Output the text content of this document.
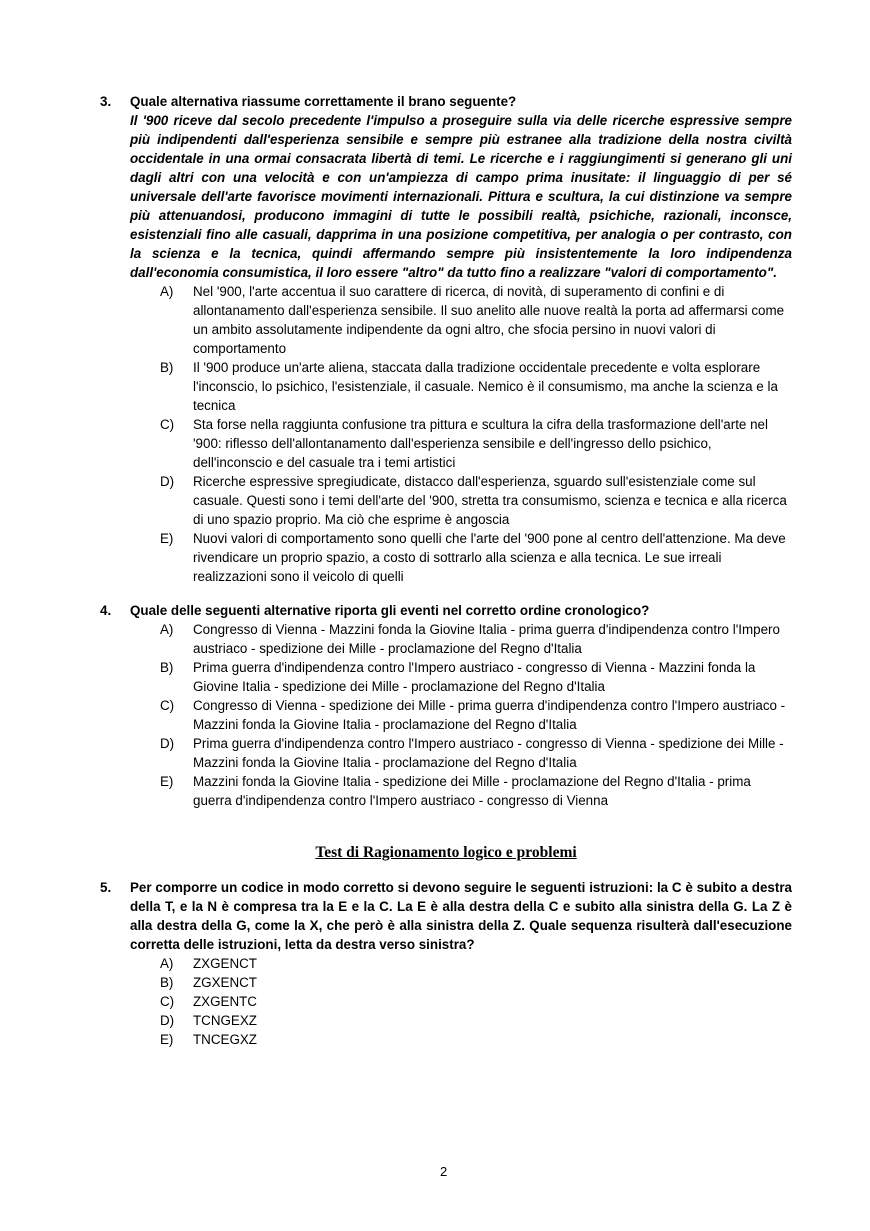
3.	Quale alternativa riassume correttamente il brano seguente?

Il '900 riceve dal secolo precedente l'impulso a proseguire sulla via delle ricerche espressive sempre più indipendenti dall'esperienza sensibile e sempre più estranee alla tradizione della nostra civiltà occidentale in una ormai consacrata libertà di temi. Le ricerche e i raggiungimenti si generano gli uni dagli altri con una velocità e con un'ampiezza di campo prima inusitate: il linguaggio di per sé universale dell'arte favorisce movimenti internazionali. Pittura e scultura, la cui distinzione va sempre più attenuandosi, producono immagini di tutte le possibili realtà, psichiche, razionali, inconsce, esistenziali fino alle casuali, dapprima in una posizione competitiva, per analogia o per contrasto, con la scienza e la tecnica, quindi affermando sempre più insistentemente la loro indipendenza dall'economia consumistica, il loro essere "altro" da tutto fino a realizzare "valori di comportamento".

A)	Nel '900, l'arte accentua il suo carattere di ricerca, di novità, di superamento di confini e di allontanamento dall'esperienza sensibile. Il suo anelito alle nuove realtà la porta ad affermarsi come un ambito assolutamente indipendente da ogni altro, che sfocia persino in nuovi valori di comportamento
B)	Il '900 produce un'arte aliena, staccata dalla tradizione occidentale precedente e volta esplorare l'inconscio, lo psichico, l'esistenziale, il casuale. Nemico è il consumismo, ma anche la scienza e la tecnica
C)	Sta forse nella raggiunta confusione tra pittura e scultura la cifra della trasformazione dell'arte nel '900: riflesso dell'allontanamento dall'esperienza sensibile e dell'ingresso dello psichico, dell'inconscio e del casuale tra i temi artistici
D)	Ricerche espressive spregiudicate, distacco dall'esperienza, sguardo sull'esistenziale come sul casuale. Questi sono i temi dell'arte del '900, stretta tra consumismo, scienza e tecnica e alla ricerca di uno spazio proprio. Ma ciò che esprime è angoscia
E)	Nuovi valori di comportamento sono quelli che l'arte del '900 pone al centro dell'attenzione. Ma deve rivendicare un proprio spazio, a costo di sottrarlo alla scienza e alla tecnica. Le sue irreali realizzazioni sono il veicolo di quelli
4.	Quale delle seguenti alternative riporta gli eventi nel corretto ordine cronologico?
A)	Congresso di Vienna - Mazzini fonda la Giovine Italia - prima guerra d'indipendenza contro l'Impero austriaco - spedizione dei Mille - proclamazione del Regno d'Italia
B)	Prima guerra d'indipendenza contro l'Impero austriaco - congresso di Vienna - Mazzini fonda la Giovine Italia - spedizione dei Mille - proclamazione del Regno d'Italia
C)	Congresso di Vienna - spedizione dei Mille - prima guerra d'indipendenza contro l'Impero austriaco - Mazzini fonda la Giovine Italia - proclamazione del Regno d'Italia
D)	Prima guerra d'indipendenza contro l'Impero austriaco - congresso di Vienna - spedizione dei Mille - Mazzini fonda la Giovine Italia - proclamazione del Regno d'Italia
E)	Mazzini fonda la Giovine Italia - spedizione dei Mille - proclamazione del Regno d'Italia - prima guerra d'indipendenza contro l'Impero austriaco - congresso di Vienna
Test di Ragionamento logico e problemi
5.	Per comporre un codice in modo corretto si devono seguire le seguenti istruzioni: la C è subito a destra della T, e la N è compresa tra la E e la C. La E è alla destra della C e subito alla sinistra della G. La Z è alla destra della G, come la X, che però è alla sinistra della Z. Quale sequenza risulterà dall'esecuzione corretta delle istruzioni, letta da destra verso sinistra?
A)	ZXGENCT
B)	ZGXENCT
C)	ZXGENTC
D)	TCNGEXZ
E)	TNCEGXZ
2
